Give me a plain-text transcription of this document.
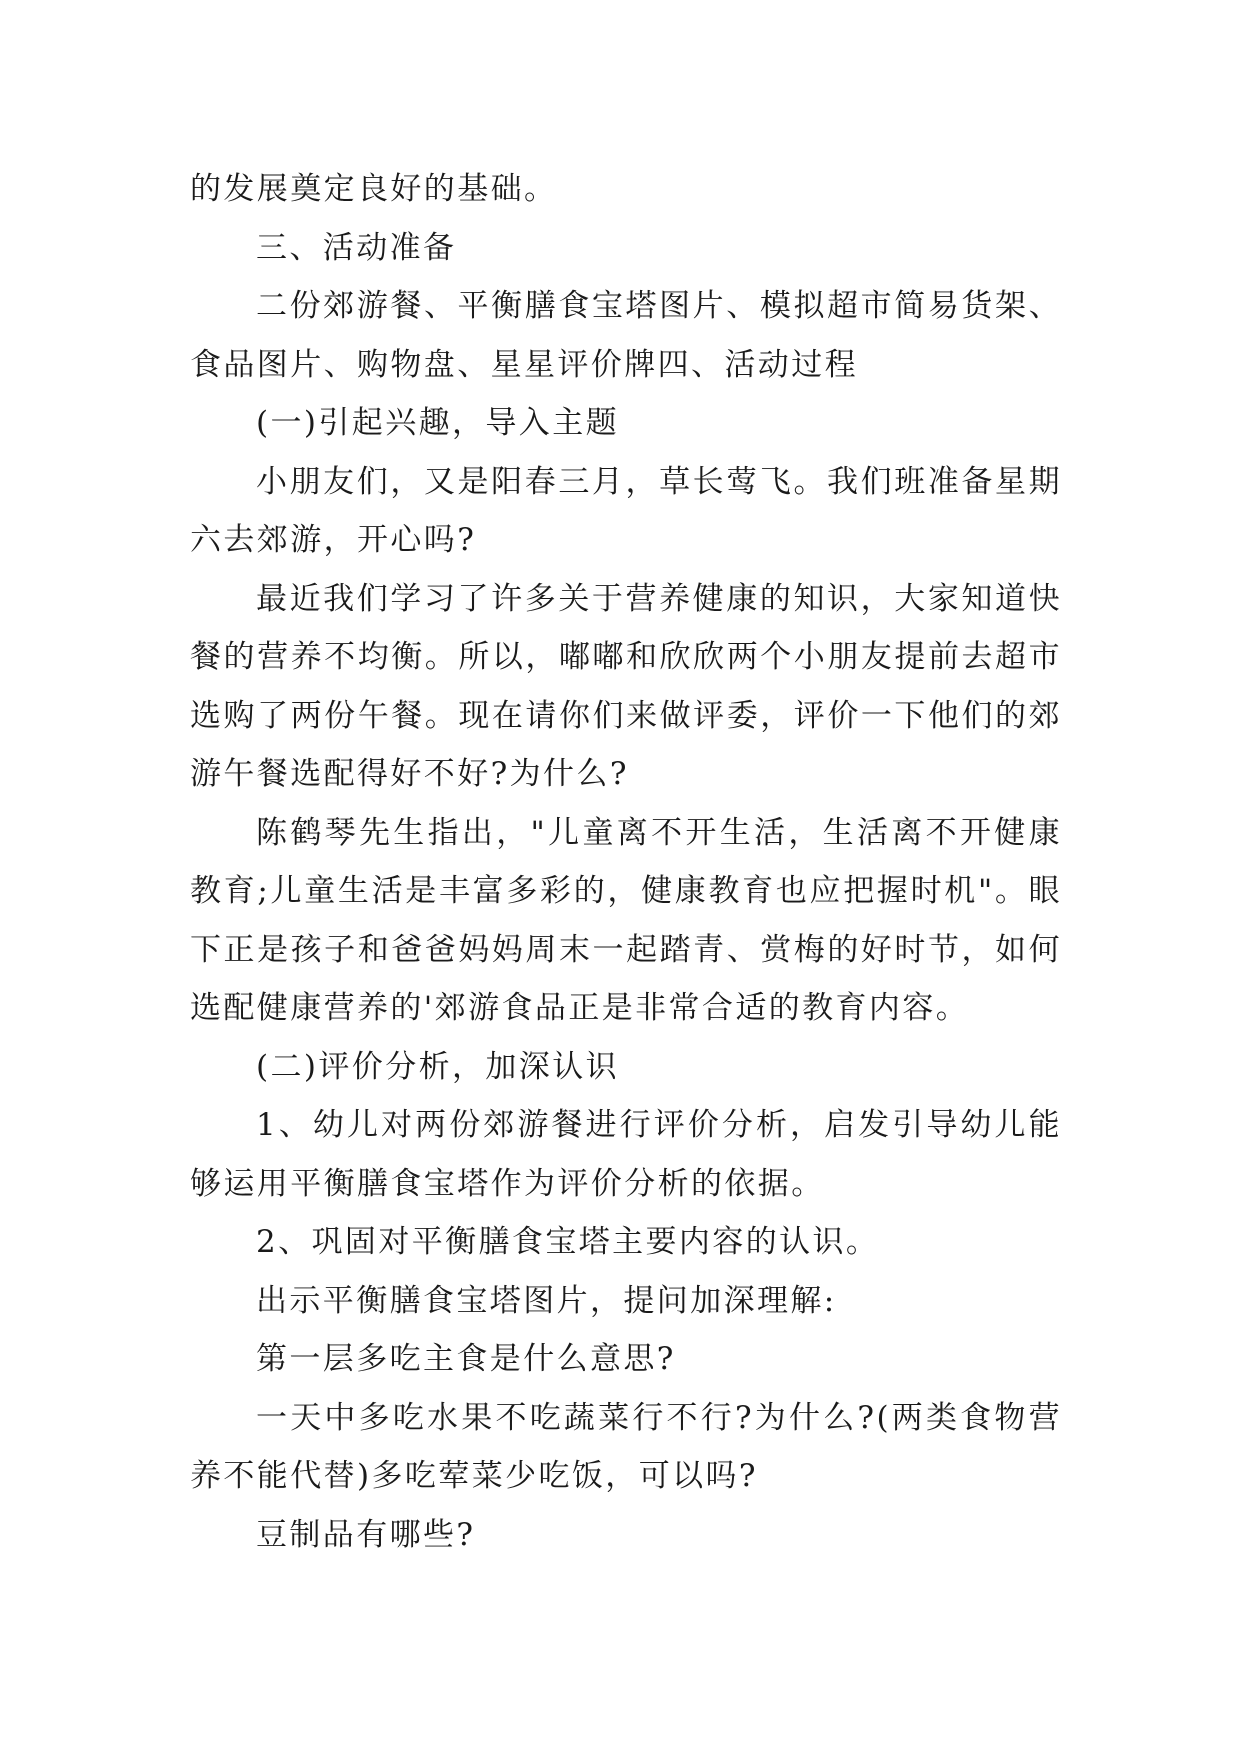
的发展奠定良好的基础。

三、活动准备

二份郊游餐、平衡膳食宝塔图片、模拟超市简易货架、食品图片、购物盘、星星评价牌四、活动过程

(一)引起兴趣，导入主题

小朋友们，又是阳春三月，草长莺飞。我们班准备星期六去郊游，开心吗?

最近我们学习了许多关于营养健康的知识，大家知道快餐的营养不均衡。所以，嘟嘟和欣欣两个小朋友提前去超市选购了两份午餐。现在请你们来做评委，评价一下他们的郊游午餐选配得好不好?为什么?

陈鹤琴先生指出，"儿童离不开生活，生活离不开健康教育;儿童生活是丰富多彩的，健康教育也应把握时机"。眼下正是孩子和爸爸妈妈周末一起踏青、赏梅的好时节，如何选配健康营养的'郊游食品正是非常合适的教育内容。

(二)评价分析，加深认识

1、幼儿对两份郊游餐进行评价分析，启发引导幼儿能够运用平衡膳食宝塔作为评价分析的依据。

2、巩固对平衡膳食宝塔主要内容的认识。

出示平衡膳食宝塔图片，提问加深理解:

第一层多吃主食是什么意思?

一天中多吃水果不吃蔬菜行不行?为什么?(两类食物营养不能代替)多吃荤菜少吃饭，可以吗?

豆制品有哪些?
